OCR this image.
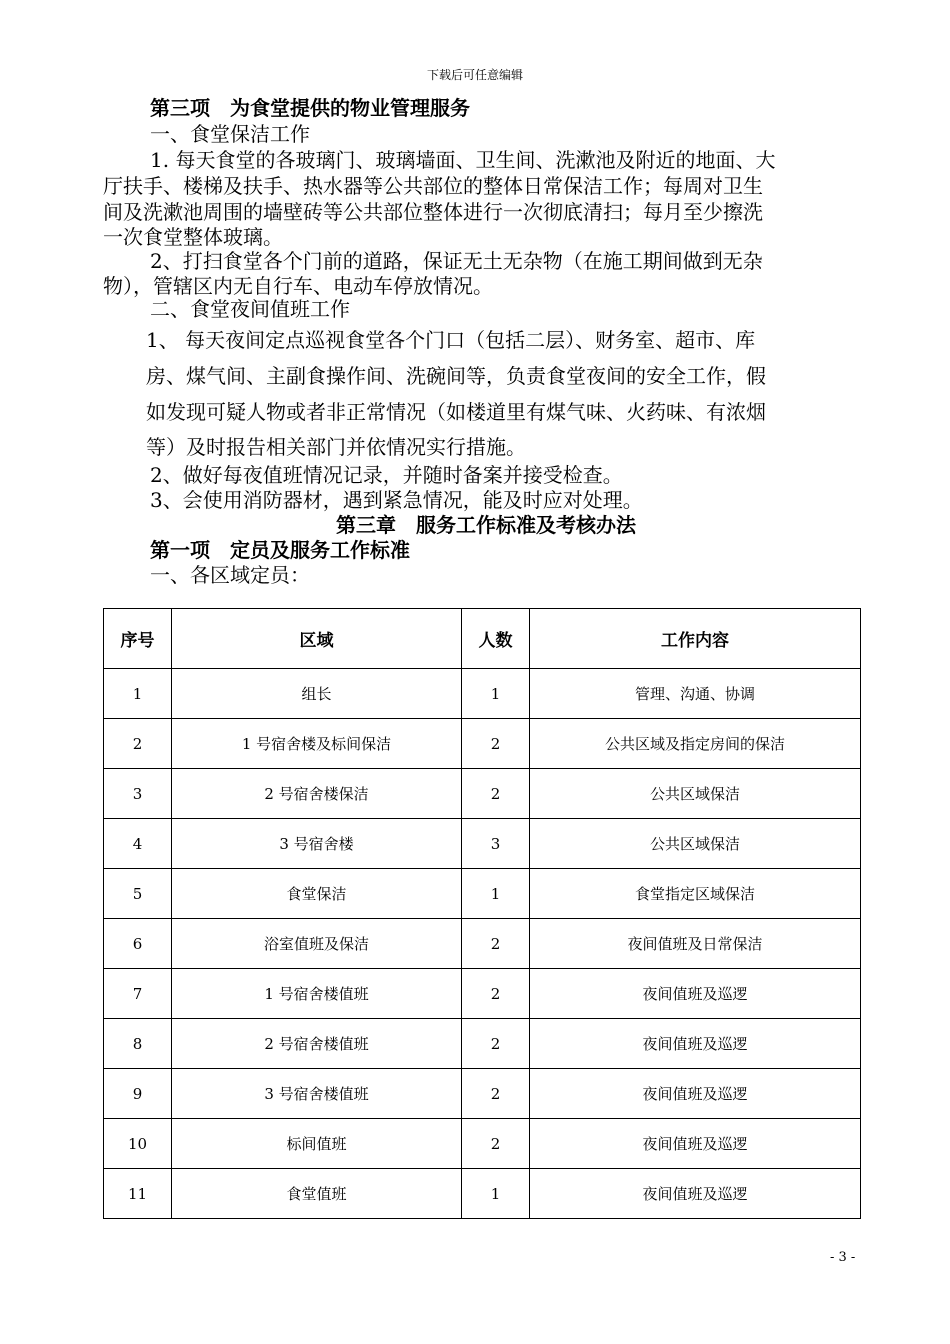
下载后可任意编辑
第三项　为食堂提供的物业管理服务
一、食堂保洁工作
1. 每天食堂的各玻璃门、玻璃墙面、卫生间、洗漱池及附近的地面、大
厅扶手、楼梯及扶手、热水器等公共部位的整体日常保洁工作；每周对卫生
间及洗漱池周围的墙壁砖等公共部位整体进行一次彻底清扫；每月至少擦洗
一次食堂整体玻璃。
2、打扫食堂各个门前的道路，保证无土无杂物（在施工期间做到无杂
物），管辖区内无自行车、电动车停放情况。
二、食堂夜间值班工作
1、 每天夜间定点巡视食堂各个门口（包括二层）、财务室、超市、库
房、煤气间、主副食操作间、洗碗间等，负责食堂夜间的安全工作，假
如发现可疑人物或者非正常情况（如楼道里有煤气味、火药味、有浓烟
等）及时报告相关部门并依情况实行措施。
2、做好每夜值班情况记录，并随时备案并接受检查。
3、会使用消防器材，遇到紧急情况，能及时应对处理。
第三章　服务工作标准及考核办法
第一项　定员及服务工作标准
一、各区域定员：
序号	区域	人数	工作内容
1	组长	1	管理、沟通、协调
2	1 号宿舍楼及标间保洁	2	公共区域及指定房间的保洁
3	2 号宿舍楼保洁	2	公共区域保洁
4	3 号宿舍楼	3	公共区域保洁
5	食堂保洁	1	食堂指定区域保洁
6	浴室值班及保洁	2	夜间值班及日常保洁
7	1 号宿舍楼值班	2	夜间值班及巡逻
8	2 号宿舍楼值班	2	夜间值班及巡逻
9	3 号宿舍楼值班	2	夜间值班及巡逻
10	标间值班	2	夜间值班及巡逻
11	食堂值班	1	夜间值班及巡逻
- 3 -
